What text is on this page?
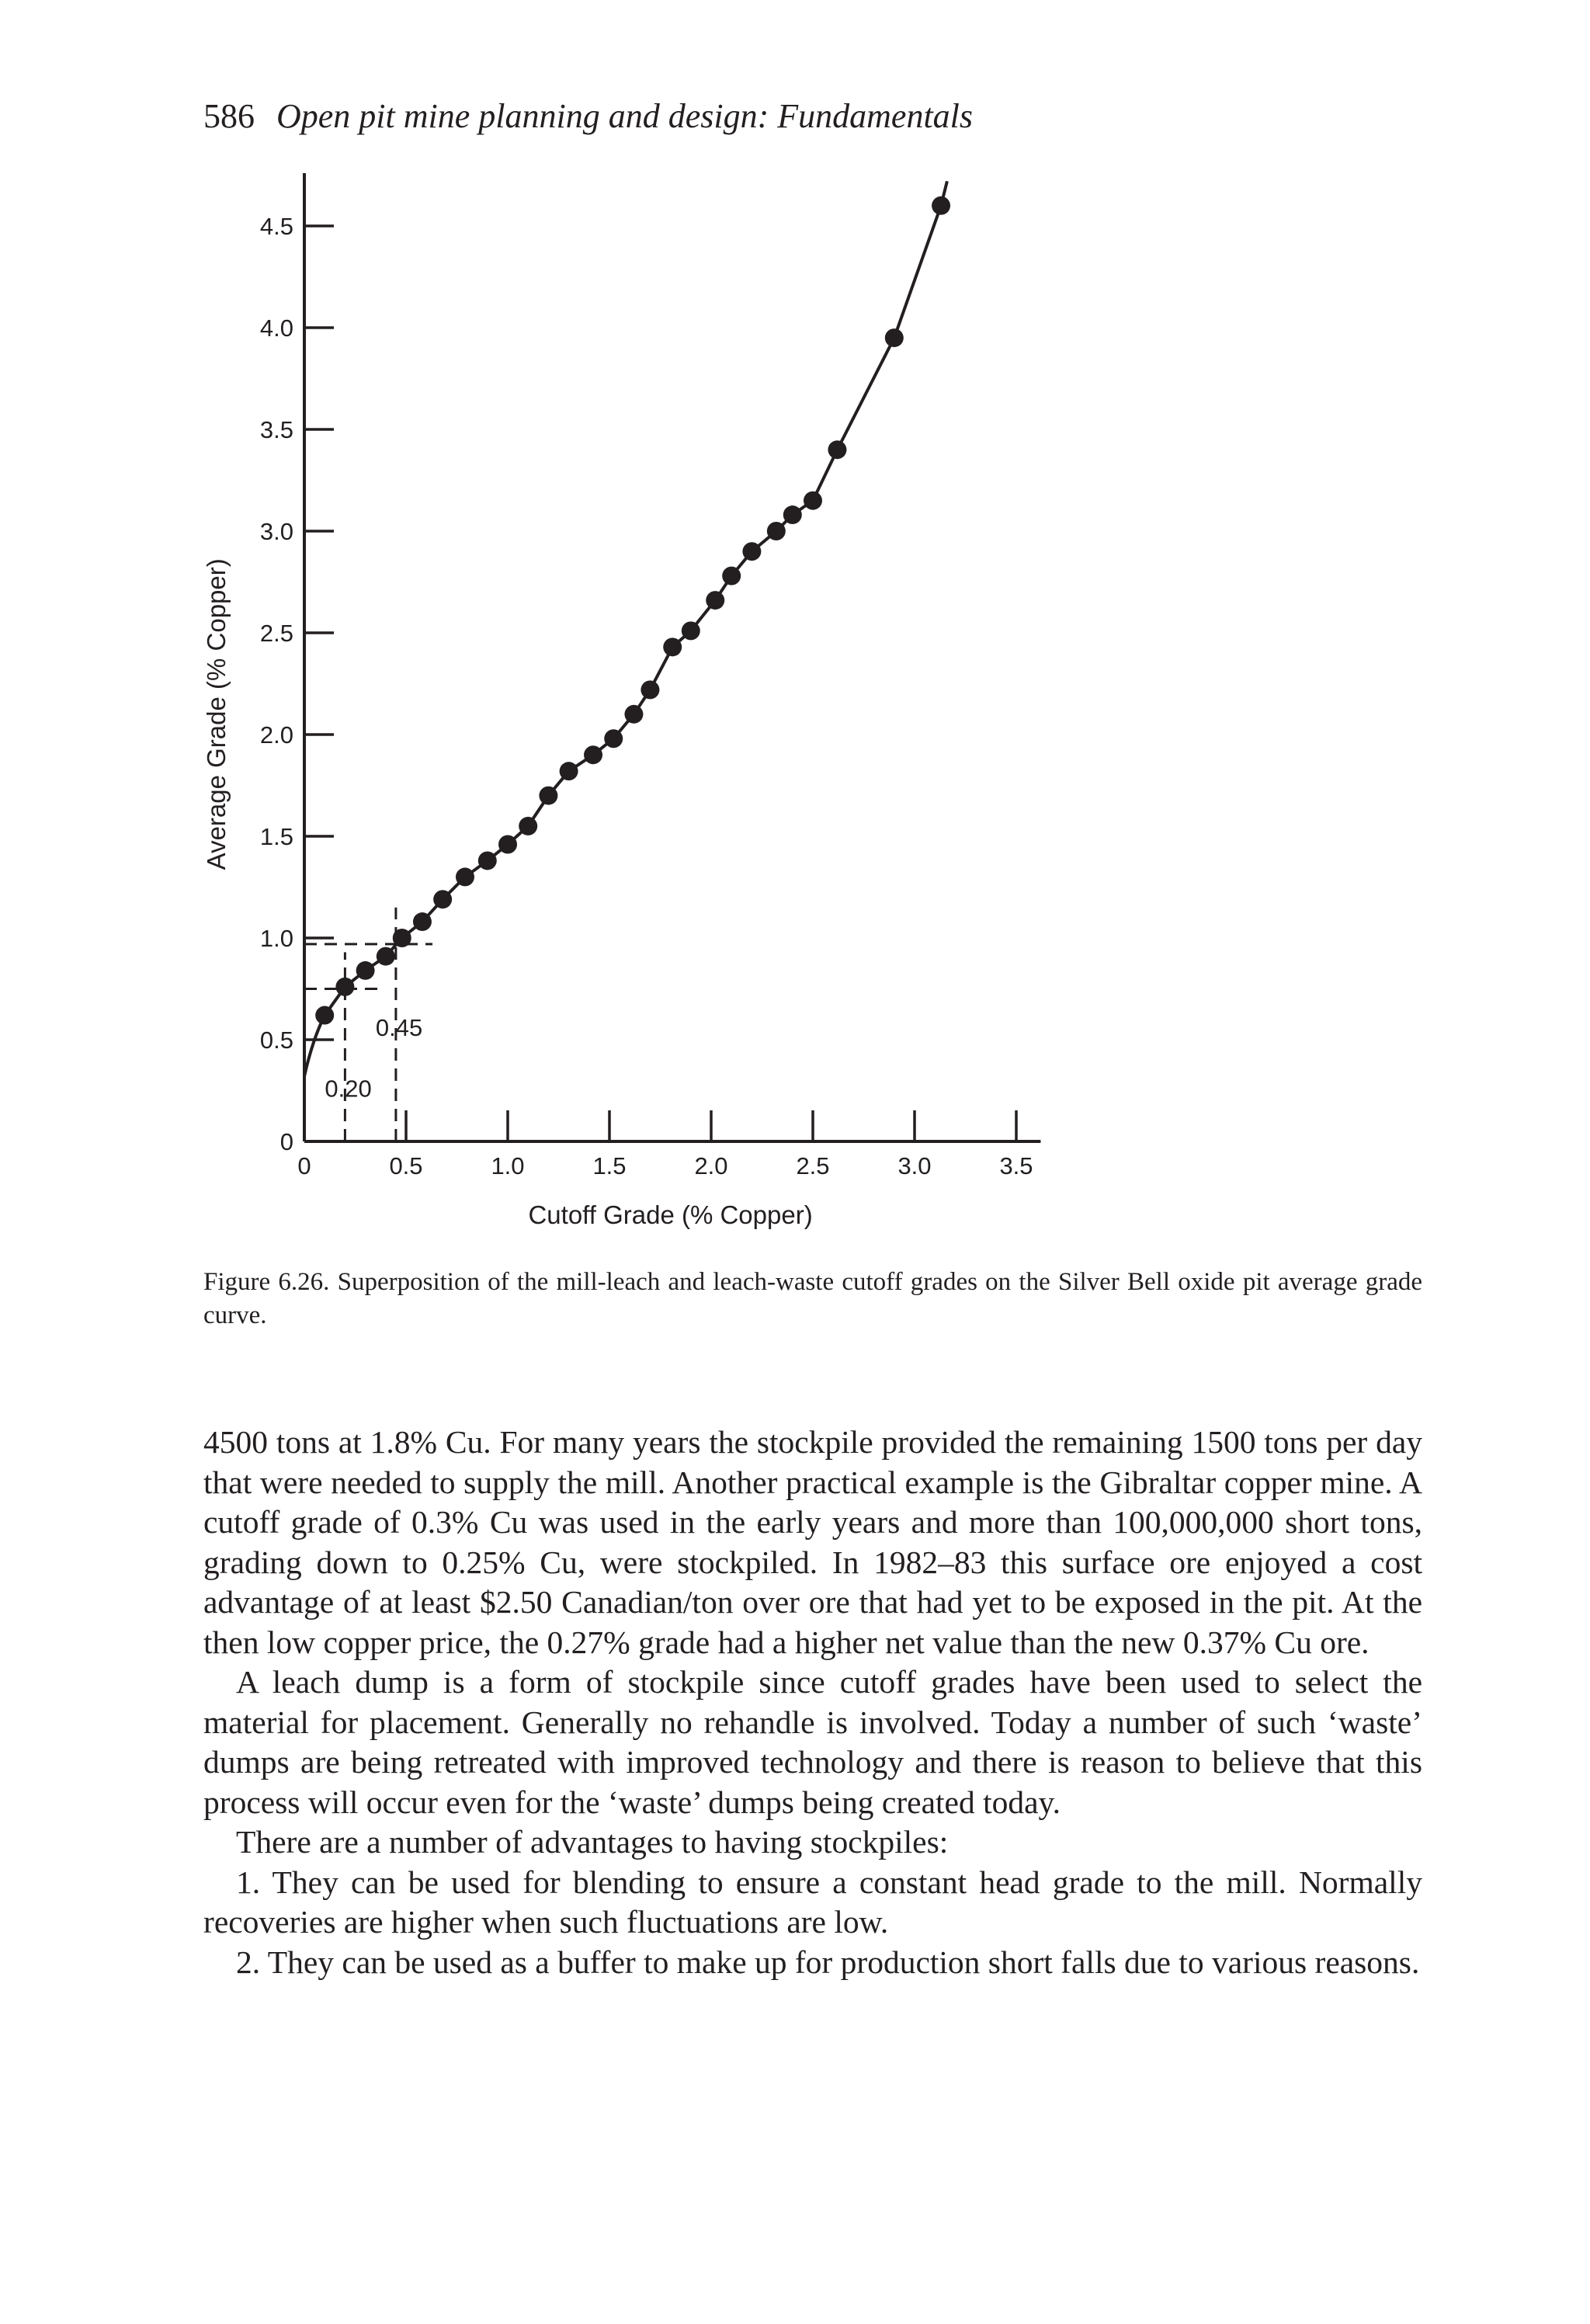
586 Open pit mine planning and design: Fundamentals
0
0.5
1.0
1.5
2.0
2.5
3.0
3.5
4.0
4.5
0	0.5	1.0	1.5	2.0	2.5	3.0	3.5
Cutoff Grade (% Copper)
Average Grade (% Copper)
0.20
0.45
Figure 6.26. Superposition of the mill-leach and leach-waste cutoff grades on the Silver Bell oxide pit average grade curve.

4500 tons at 1.8% Cu. For many years the stockpile provided the remaining 1500 tons per day that were needed to supply the mill. Another practical example is the Gibraltar copper mine. A cutoff grade of 0.3% Cu was used in the early years and more than 100,000,000 short tons, grading down to 0.25% Cu, were stockpiled. In 1982–83 this surface ore enjoyed a cost advantage of at least $2.50 Canadian/ton over ore that had yet to be exposed in the pit. At the then low copper price, the 0.27% grade had a higher net value than the new 0.37% Cu ore.

A leach dump is a form of stockpile since cutoff grades have been used to select the material for placement. Generally no rehandle is involved. Today a number of such ‘waste’ dumps are being retreated with improved technology and there is reason to believe that this process will occur even for the ‘waste’ dumps being created today.

There are a number of advantages to having stockpiles:

1. They can be used for blending to ensure a constant head grade to the mill. Normally recoveries are higher when such fluctuations are low.

2. They can be used as a buffer to make up for production short falls due to various reasons.
